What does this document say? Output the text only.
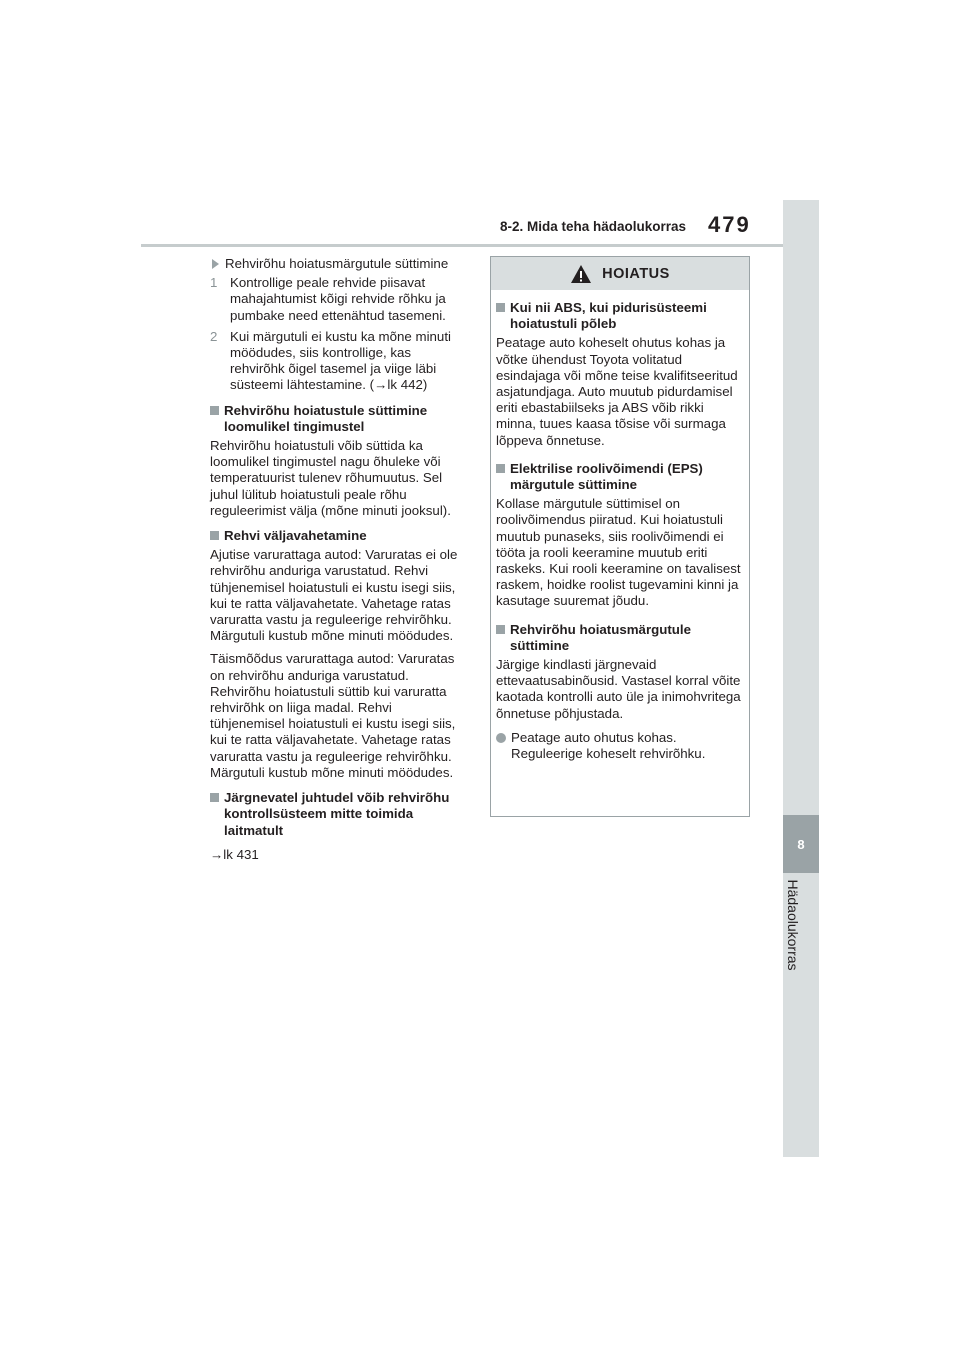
8
Hädaolukorras
8-2. Mida teha hädaolukorras 479
Rehvirõhu hoiatusmärgutule süttimine
1 Kontrollige peale rehvide piisavat mahajahtumist kõigi rehvide rõhku ja pumbake need ettenähtud tasemeni.
2 Kui märgutuli ei kustu ka mõne minuti möödudes, siis kontrollige, kas rehvirõhk õigel tasemel ja viige läbi süsteemi lähtestamine. (→lk 442)
Rehvirõhu hoiatustule süttimine loomulikel tingimustel

Rehvirõhu hoiatustuli võib süttida ka loomulikel tingimustel nagu õhuleke või temperatuurist tulenev rõhumuutus. Sel juhul lülitub hoiatustuli peale rõhu reguleerimist välja (mõne minuti jooksul).

Rehvi väljavahetamine

Ajutise varurattaga autod: Varuratas ei ole rehvirõhu anduriga varustatud. Rehvi tühjenemisel hoiatustuli ei kustu isegi siis, kui te ratta väljavahetate. Vahetage ratas varuratta vastu ja reguleerige rehvirõhku. Märgutuli kustub mõne minuti möödudes.

Täismõõdus varurattaga autod: Varuratas on rehvirõhu anduriga varustatud. Rehvirõhu hoiatustuli süttib kui varuratta rehvirõhk on liiga madal. Rehvi tühjenemisel hoiatustuli ei kustu isegi siis, kui te ratta väljavahetate. Vahetage ratas varuratta vastu ja reguleerige rehvirõhku. Märgutuli kustub mõne minuti möödudes.

Järgnevatel juhtudel võib rehvirõhu kontrollsüsteem mitte toimida laitmatult
→lk 431
HOIATUS
Kui nii ABS, kui pidurisüsteemi hoiatustuli põleb

Peatage auto koheselt ohutus kohas ja võtke ühendust Toyota volitatud esindajaga või mõne teise kvalifitseeritud asjatundjaga. Auto muutub pidurdamisel eriti ebastabiilseks ja ABS võib rikki minna, tuues kaasa tõsise või surmaga lõppeva õnnetuse.

Elektrilise roolivõimendi (EPS) märgutule süttimine

Kollase märgutule süttimisel on roolivõimendus piiratud. Kui hoiatustuli muutub punaseks, siis roolivõimendi ei tööta ja rooli keeramine muutub eriti raskeks. Kui rooli keeramine on tavalisest raskem, hoidke roolist tugevamini kinni ja kasutage suuremat jõudu.

Rehvirõhu hoiatusmärgutule süttimine

Järgige kindlasti järgnevaid ettevaatusabinõusid. Vastasel korral võite kaotada kontrolli auto üle ja inimohvritega õnnetuse põhjustada.

Peatage auto ohutus kohas. Reguleerige koheselt rehvirõhku.
